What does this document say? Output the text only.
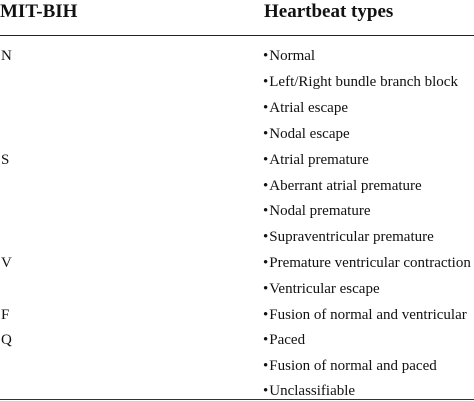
MIT-BIH	Heartbeat types
N
S
V
F
Q
•Normal
•Left/Right bundle branch block
•Atrial escape
•Nodal escape
•Atrial premature
•Aberrant atrial premature
•Nodal premature
•Supraventricular premature
•Premature ventricular contraction
•Ventricular escape
•Fusion of normal and ventricular
•Paced
•Fusion of normal and paced
•Unclassifiable
